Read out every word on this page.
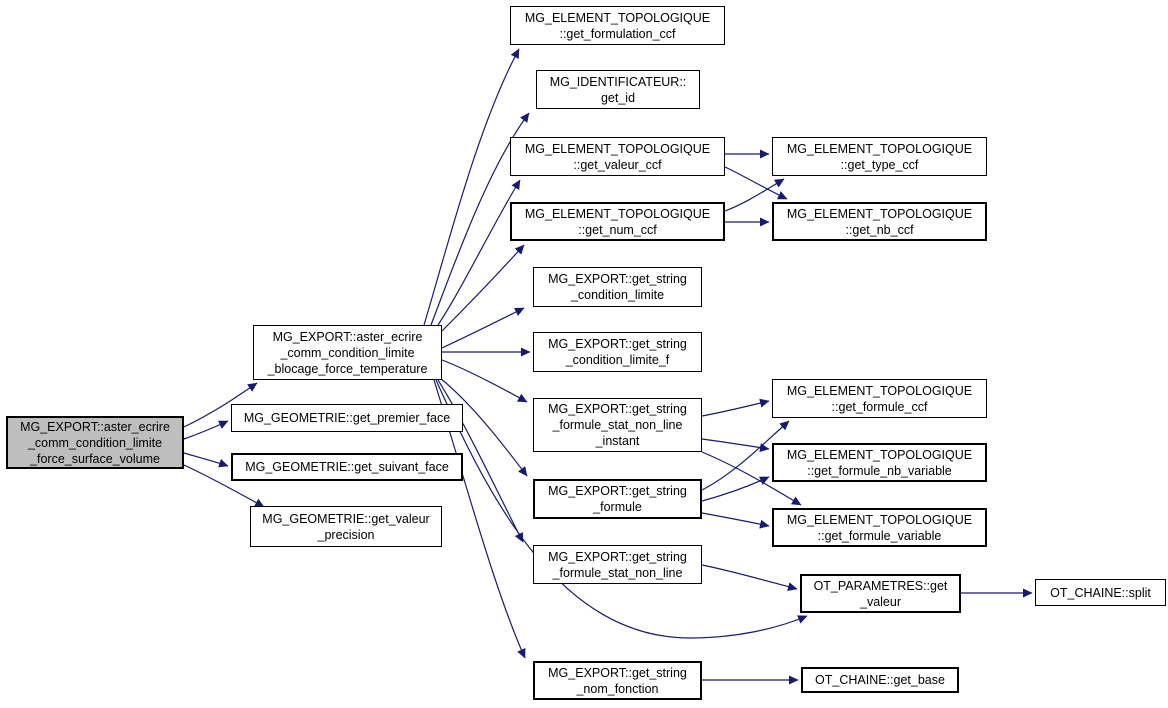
MG_EXPORT::aster_ecrire
_comm_condition_limite
_force_surface_volume
MG_EXPORT::aster_ecrire
_comm_condition_limite
_blocage_force_temperature
MG_GEOMETRIE::get_premier_face
MG_GEOMETRIE::get_suivant_face
MG_GEOMETRIE::get_valeur
_precision
MG_ELEMENT_TOPOLOGIQUE
::get_formulation_ccf
MG_IDENTIFICATEUR::
get_id
MG_ELEMENT_TOPOLOGIQUE
::get_valeur_ccf
MG_ELEMENT_TOPOLOGIQUE
::get_num_ccf
MG_EXPORT::get_string
_condition_limite
MG_EXPORT::get_string
_condition_limite_f
MG_EXPORT::get_string
_formule_stat_non_line
_instant
MG_EXPORT::get_string
_formule
MG_EXPORT::get_string
_formule_stat_non_line
MG_EXPORT::get_string
_nom_fonction
MG_ELEMENT_TOPOLOGIQUE
::get_type_ccf
MG_ELEMENT_TOPOLOGIQUE
::get_nb_ccf
MG_ELEMENT_TOPOLOGIQUE
::get_formule_ccf
MG_ELEMENT_TOPOLOGIQUE
::get_formule_nb_variable
MG_ELEMENT_TOPOLOGIQUE
::get_formule_variable
OT_PARAMETRES::get
_valeur
OT_CHAINE::get_base
OT_CHAINE::split
